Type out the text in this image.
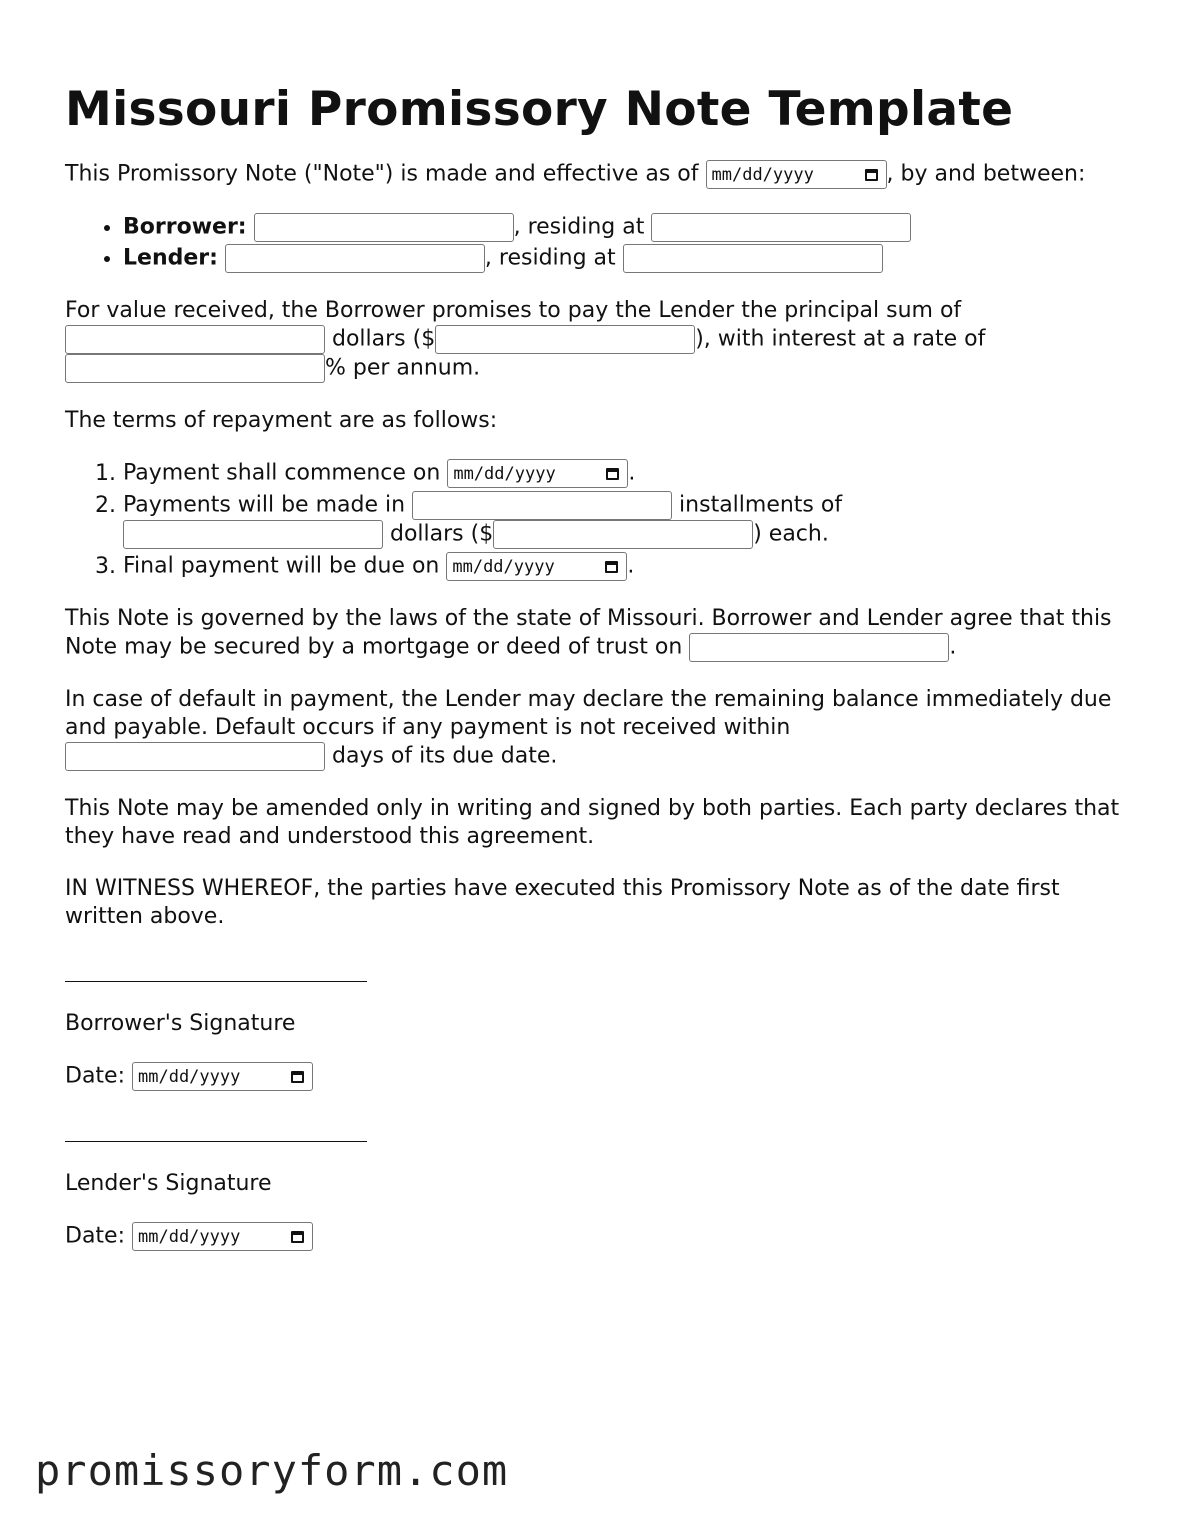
Missouri Promissory Note Template

This Promissory Note ("Note") is made and effective as of mm/dd/yyyy	, by and between:

• Borrower:	, residing at
• Lender:	, residing at

For value received, the Borrower promises to pay the Lender the principal sum of
dollars ($	), with interest at a rate of
% per annum.

The terms of repayment are as follows:

1. Payment shall commence on mm/dd/yyyy	.
2. Payments will be made in	installments of
dollars ($	) each.
3. Final payment will be due on mm/dd/yyyy	.

This Note is governed by the laws of the state of Missouri. Borrower and Lender agree that this Note may be secured by a mortgage or deed of trust on	.

In case of default in payment, the Lender may declare the remaining balance immediately due and payable. Default occurs if any payment is not received within
days of its due date.

This Note may be amended only in writing and signed by both parties. Each party declares that they have read and understood this agreement.

IN WITNESS WHEREOF, the parties have executed this Promissory Note as of the date first written above.

Borrower's Signature

Date: mm/dd/yyyy

Lender's Signature

Date: mm/dd/yyyy

promissoryform.com
